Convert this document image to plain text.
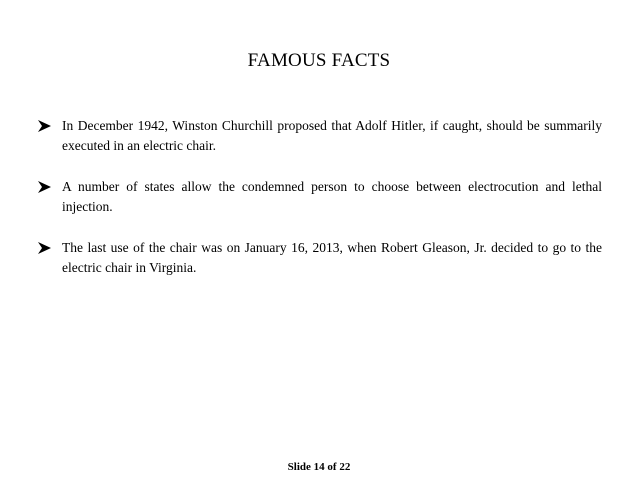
FAMOUS FACTS
In December 1942, Winston Churchill proposed that Adolf Hitler, if caught, should be summarily executed in an electric chair.
A number of states allow the condemned person to choose between electrocution and lethal injection.
The last use of the chair was on January 16, 2013, when Robert Gleason, Jr. decided to go to the electric chair in Virginia.
Slide 14 of 22
